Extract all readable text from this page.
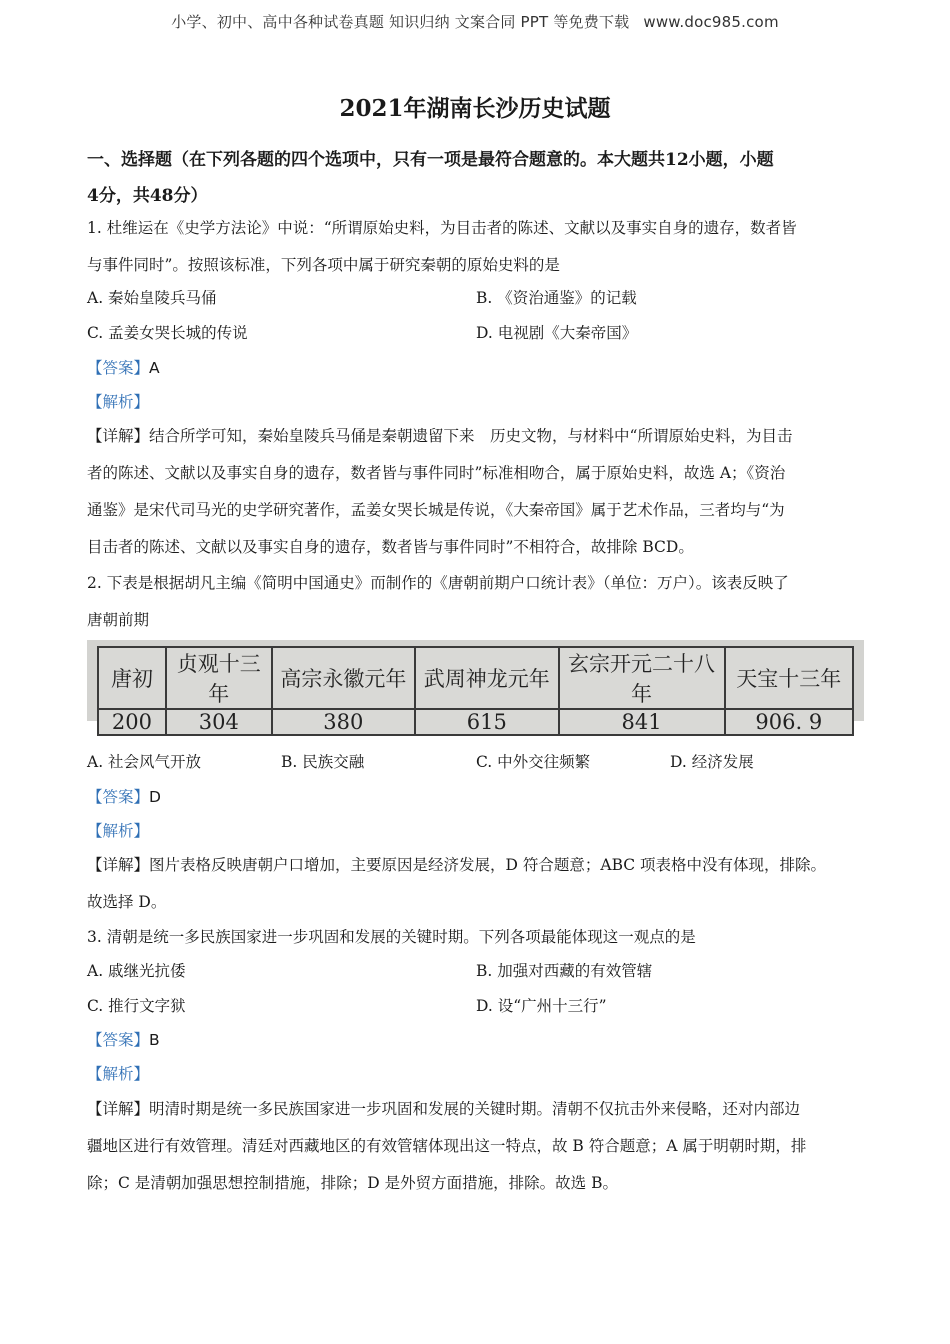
小学、初中、高中各种试卷真题 知识归纳 文案合同 PPT 等免费下载 www.doc985.com
2021年湖南长沙历史试题
一、选择题（在下列各题的四个选项中，只有一项是最符合题意的。本大题共12小题，小题
4分，共48分）
1. 杜维运在《史学方法论》中说：“所谓原始史料，为目击者的陈述、文献以及事实自身的遗存，数者皆
与事件同时”。按照该标准，下列各项中属于研究秦朝的原始史料的是
A. 秦始皇陵兵马俑	B. 《资治通鉴》的记载
C. 孟姜女哭长城的传说	D. 电视剧《大秦帝国》
【答案】A
【解析】
【详解】结合所学可知，秦始皇陵兵马俑是秦朝遗留下来　历史文物，与材料中“所谓原始史料，为目击
者的陈述、文献以及事实自身的遗存，数者皆与事件同时”标准相吻合，属于原始史料，故选 A；《资治
通鉴》是宋代司马光的史学研究著作，孟姜女哭长城是传说，《大秦帝国》属于艺术作品，三者均与“为
目击者的陈述、文献以及事实自身的遗存，数者皆与事件同时”不相符合，故排除 BCD。
2. 下表是根据胡凡主编《简明中国通史》而制作的《唐朝前期户口统计表》（单位：万户）。该表反映了
唐朝前期
唐初	贞观十三年	高宗永徽元年	武周神龙元年	玄宗开元二十八年	天宝十三年
200	304	380	615	841	906. 9
A. 社会风气开放	B. 民族交融	C. 中外交往频繁	D. 经济发展
【答案】D
【解析】
【详解】图片表格反映唐朝户口增加，主要原因是经济发展，D 符合题意；ABC 项表格中没有体现，排除。
故选择 D。
3. 清朝是统一多民族国家进一步巩固和发展的关键时期。下列各项最能体现这一观点的是
A. 戚继光抗倭	B. 加强对西藏的有效管辖
C. 推行文字狱	D. 设“广州十三行”
【答案】B
【解析】
【详解】明清时期是统一多民族国家进一步巩固和发展的关键时期。清朝不仅抗击外来侵略，还对内部边
疆地区进行有效管理。清廷对西藏地区的有效管辖体现出这一特点，故 B 符合题意；A 属于明朝时期，排
除；C 是清朝加强思想控制措施，排除；D 是外贸方面措施，排除。故选 B。
